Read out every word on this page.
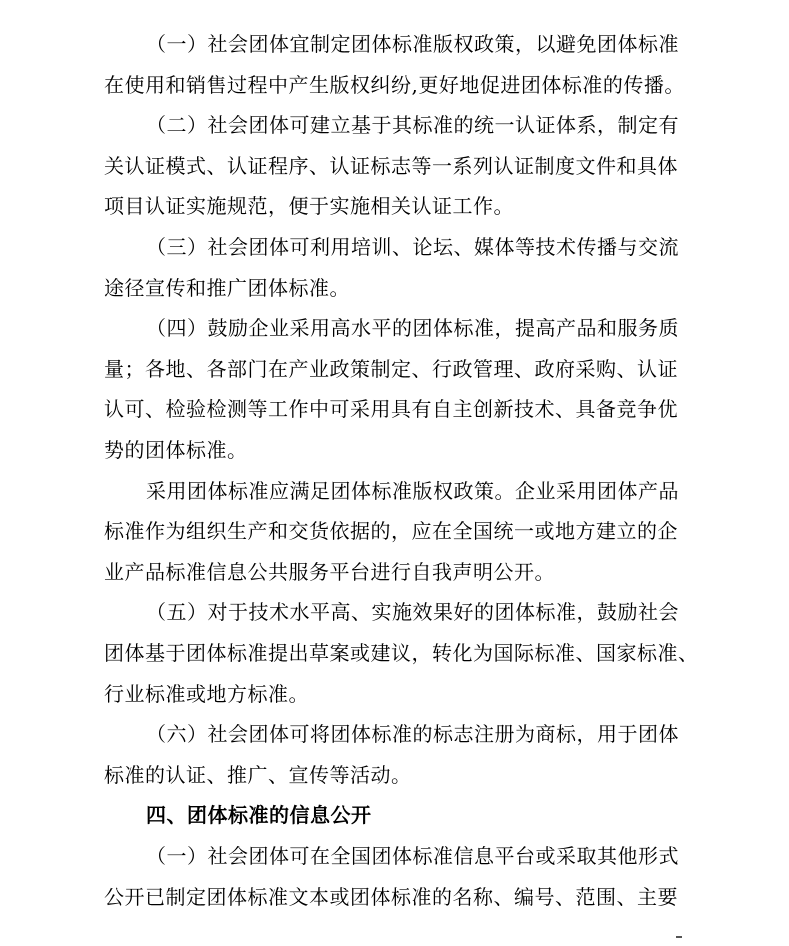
（一）社会团体宜制定团体标准版权政策，以避免团体标准
在使用和销售过程中产生版权纠纷,更好地促进团体标准的传播。
（二）社会团体可建立基于其标准的统一认证体系，制定有
关认证模式、认证程序、认证标志等一系列认证制度文件和具体
项目认证实施规范，便于实施相关认证工作。
（三）社会团体可利用培训、论坛、媒体等技术传播与交流
途径宣传和推广团体标准。
（四）鼓励企业采用高水平的团体标准，提高产品和服务质
量；各地、各部门在产业政策制定、行政管理、政府采购、认证
认可、检验检测等工作中可采用具有自主创新技术、具备竞争优
势的团体标准。
采用团体标准应满足团体标准版权政策。企业采用团体产品
标准作为组织生产和交货依据的，应在全国统一或地方建立的企
业产品标准信息公共服务平台进行自我声明公开。
（五）对于技术水平高、实施效果好的团体标准，鼓励社会
团体基于团体标准提出草案或建议，转化为国际标准、国家标准、
行业标准或地方标准。
（六）社会团体可将团体标准的标志注册为商标，用于团体
标准的认证、推广、宣传等活动。
四、团体标准的信息公开
（一）社会团体可在全国团体标准信息平台或采取其他形式
公开已制定团体标准文本或团体标准的名称、编号、范围、主要
